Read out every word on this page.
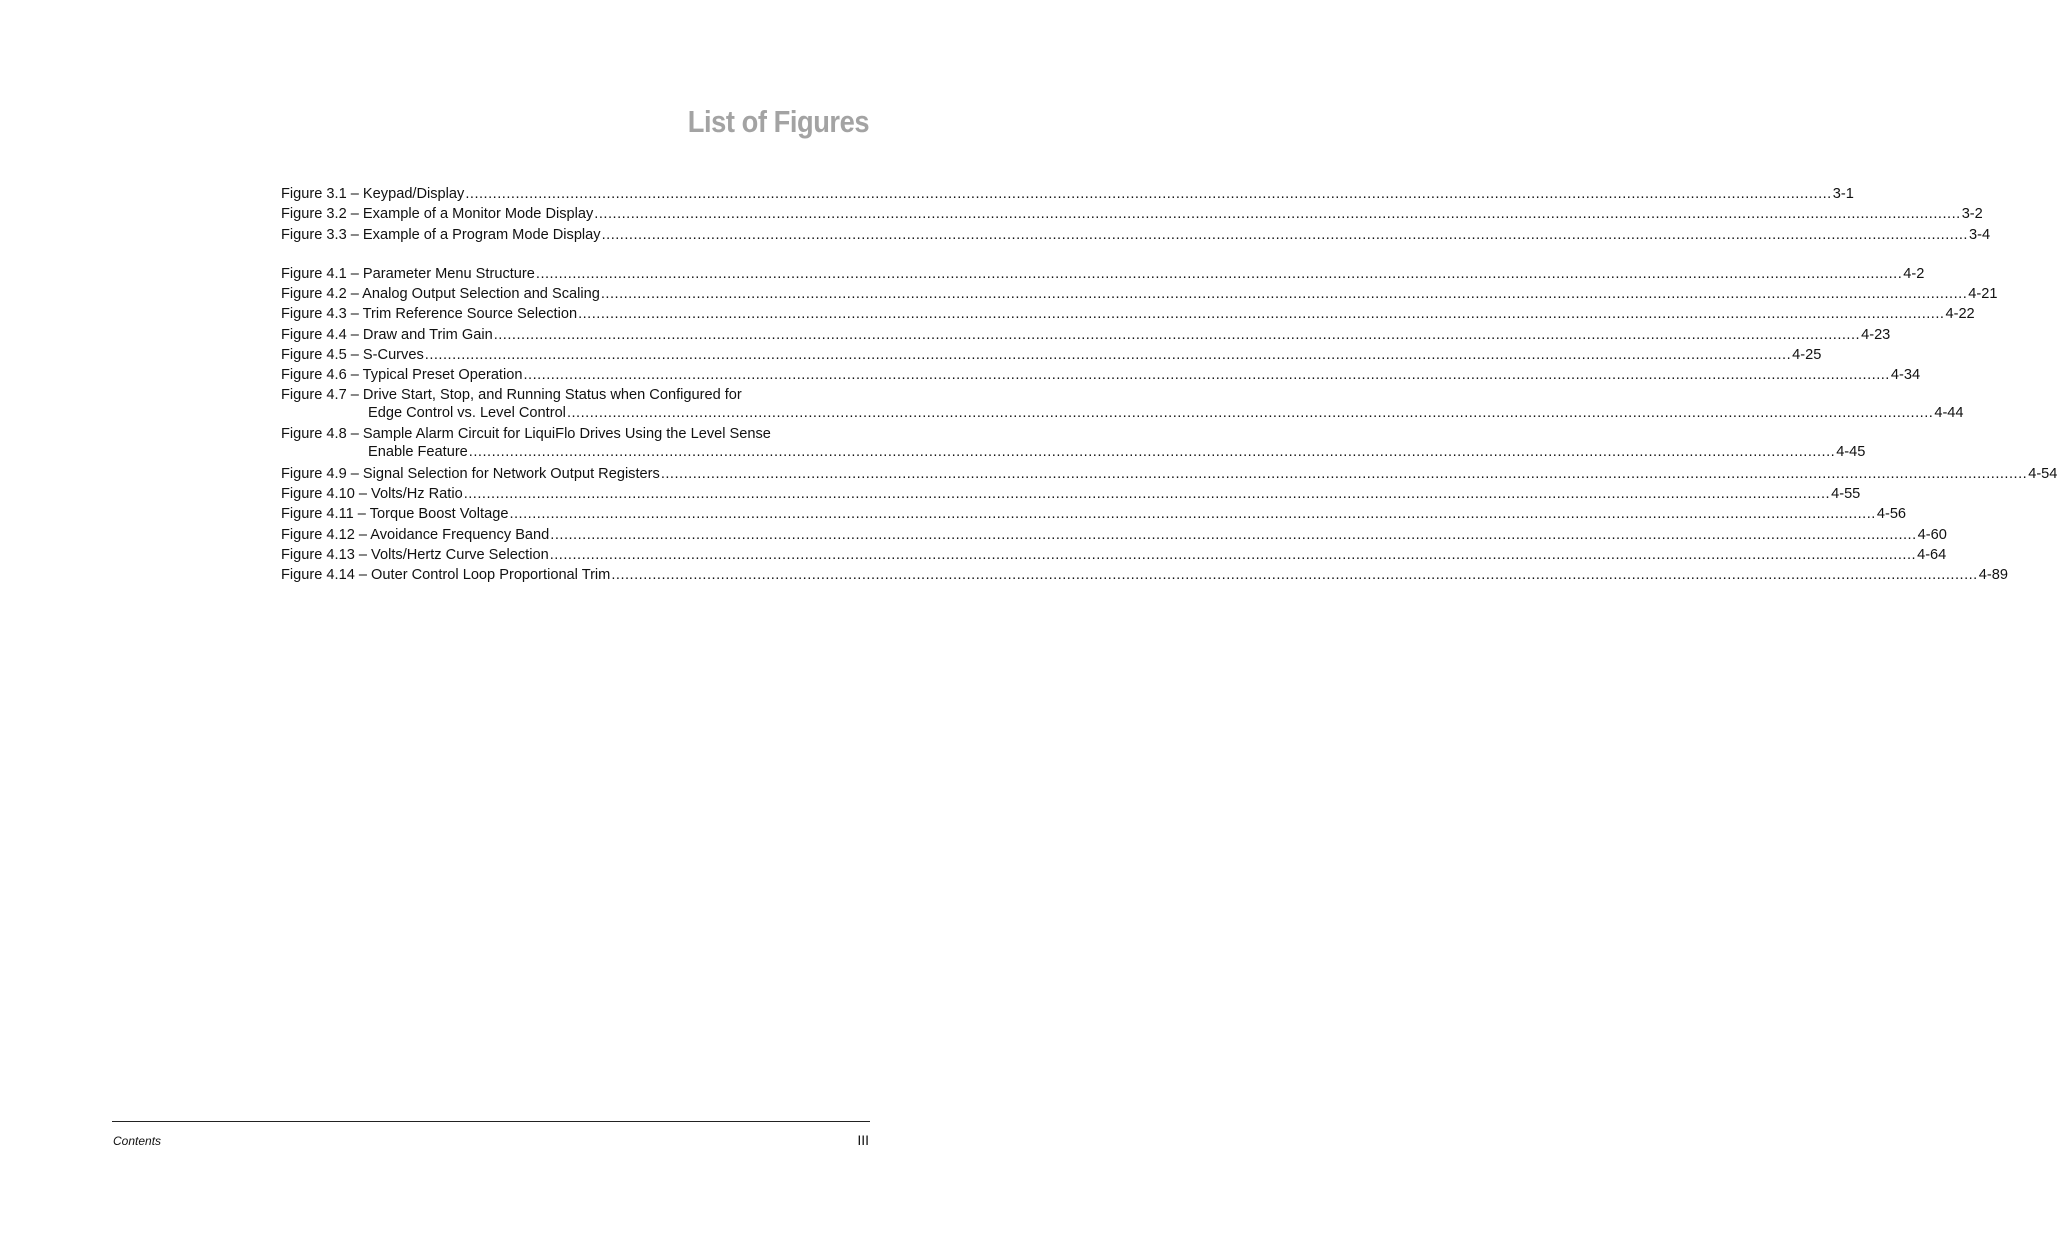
List of Figures
Figure 3.1 – Keypad/Display ............................................................................................................................................................................................................................................................................................................ 3-1
Figure 3.2 – Example of a Monitor Mode Display ............................................................................................................................................................................................................................................................................................................ 3-2
Figure 3.3 – Example of a Program Mode Display ............................................................................................................................................................................................................................................................................................................ 3-4
Figure 4.1 – Parameter Menu Structure ............................................................................................................................................................................................................................................................................................................ 4-2
Figure 4.2 – Analog Output Selection and Scaling ............................................................................................................................................................................................................................................................................................................ 4-21
Figure 4.3 – Trim Reference Source Selection ............................................................................................................................................................................................................................................................................................................ 4-22
Figure 4.4 – Draw and Trim Gain ............................................................................................................................................................................................................................................................................................................ 4-23
Figure 4.5 – S-Curves ............................................................................................................................................................................................................................................................................................................ 4-25
Figure 4.6 – Typical Preset Operation ............................................................................................................................................................................................................................................................................................................ 4-34
Figure 4.7 – Drive Start, Stop, and Running Status when Configured for
Edge Control vs. Level Control ............................................................................................................................................................................................................................................................................................................ 4-44
Figure 4.8 – Sample Alarm Circuit for LiquiFlo Drives Using the Level Sense
Enable Feature ............................................................................................................................................................................................................................................................................................................ 4-45
Figure 4.9 – Signal Selection for Network Output Registers ............................................................................................................................................................................................................................................................................................................ 4-54
Figure 4.10 – Volts/Hz Ratio ............................................................................................................................................................................................................................................................................................................ 4-55
Figure 4.11 – Torque Boost Voltage ............................................................................................................................................................................................................................................................................................................ 4-56
Figure 4.12 – Avoidance Frequency Band ............................................................................................................................................................................................................................................................................................................ 4-60
Figure 4.13 – Volts/Hertz Curve Selection ............................................................................................................................................................................................................................................................................................................ 4-64
Figure 4.14 – Outer Control Loop Proportional Trim ............................................................................................................................................................................................................................................................................................................ 4-89
Contents	III
